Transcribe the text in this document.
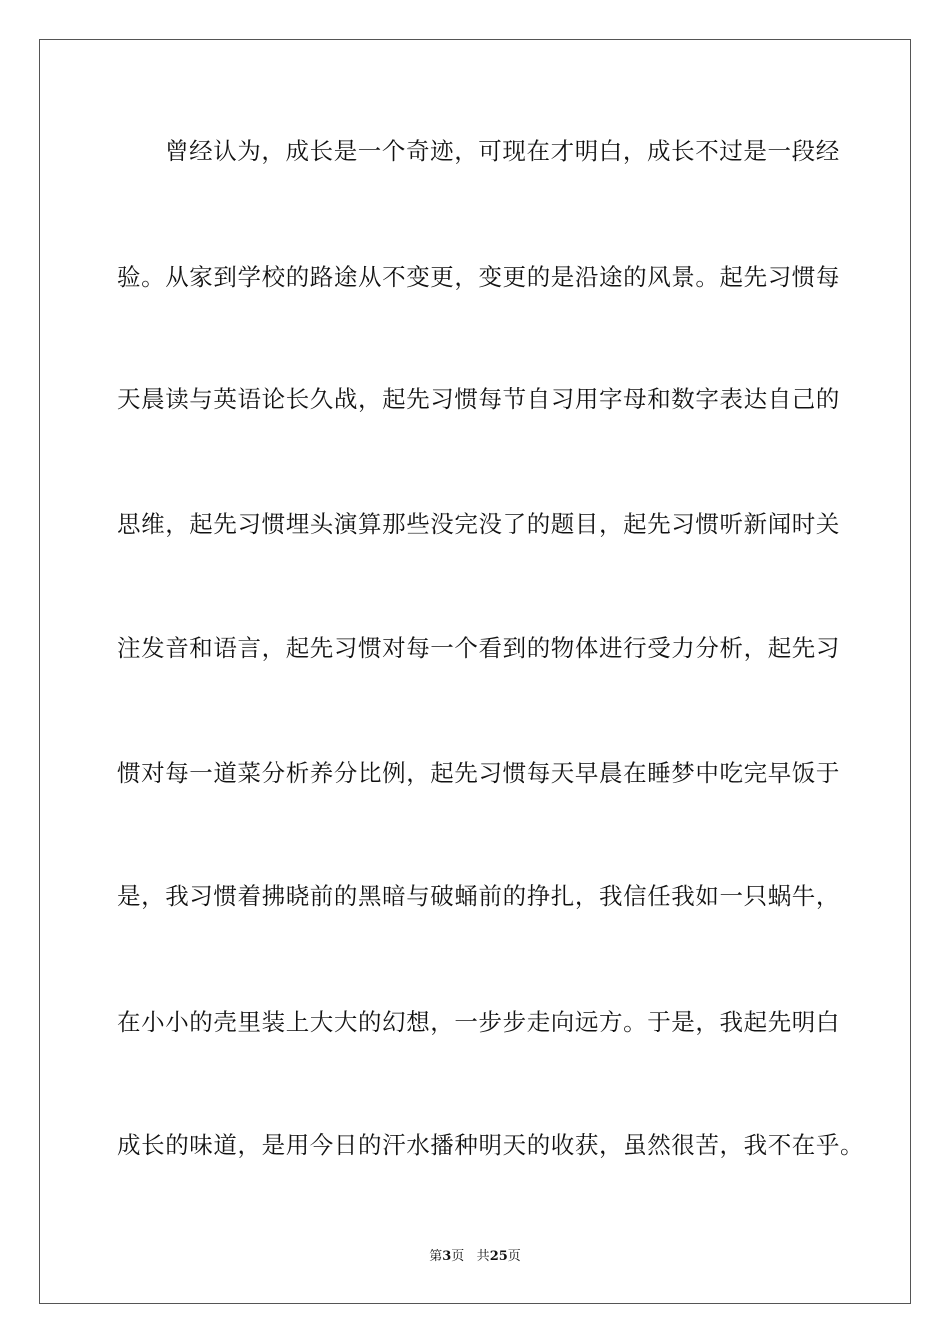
曾经认为，成长是一个奇迹，可现在才明白，成长不过是一段经
验。从家到学校的路途从不变更，变更的是沿途的风景。起先习惯每
天晨读与英语论长久战，起先习惯每节自习用字母和数字表达自己的
思维，起先习惯埋头演算那些没完没了的题目，起先习惯听新闻时关
注发音和语言，起先习惯对每一个看到的物体进行受力分析，起先习
惯对每一道菜分析养分比例，起先习惯每天早晨在睡梦中吃完早饭于
是，我习惯着拂晓前的黑暗与破蛹前的挣扎，我信任我如一只蜗牛，
在小小的壳里装上大大的幻想，一步步走向远方。于是，我起先明白
成长的味道，是用今日的汗水播种明天的收获，虽然很苦，我不在乎。
第3页 共25页
